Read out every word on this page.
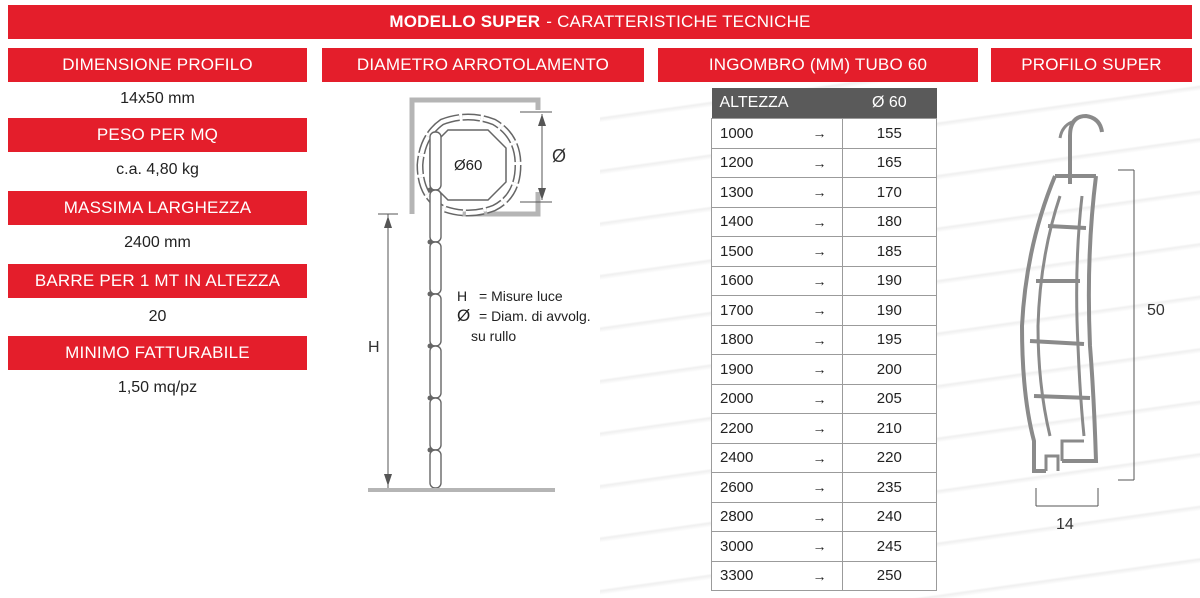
MODELLO SUPER - CARATTERISTICHE TECNICHE
DIMENSIONE PROFILO	DIAMETRO ARROTOLAMENTO	INGOMBRO (MM) TUBO 60	PROFILO SUPER
14x50 mm
PESO PER MQ
c.a. 4,80 kg
MASSIMA LARGHEZZA
2400 mm
BARRE PER 1 MT IN ALTEZZA
20
MINIMO FATTURABILE
1,50 mq/pz
Ø60	Ø
H
H = Misure luce
Ø = Diam. di avvolg.
su rullo
ALTEZZA		Ø 60
1000	→	155
1200	→	165
1300	→	170
1400	→	180
1500	→	185
1600	→	190
1700	→	190
1800	→	195
1900	→	200
2000	→	205
2200	→	210
2400	→	220
2600	→	235
2800	→	240
3000	→	245
3300	→	250
50
14
